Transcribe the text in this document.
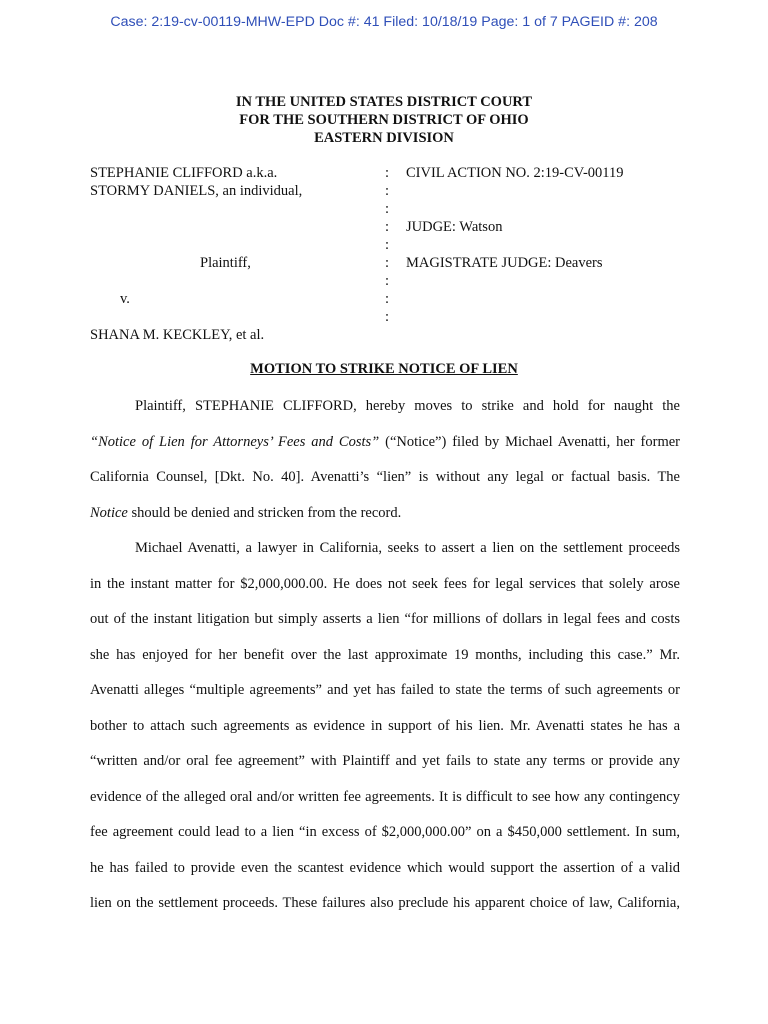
Case: 2:19-cv-00119-MHW-EPD Doc #: 41 Filed: 10/18/19 Page: 1 of 7 PAGEID #: 208
IN THE UNITED STATES DISTRICT COURT
FOR THE SOUTHERN DISTRICT OF OHIO
EASTERN DIVISION
STEPHANIE CLIFFORD a.k.a.
STORMY DANIELS, an individual,
Plaintiff,
v.
SHANA M. KECKLEY, et al.
:
:
:
:
:
:
:
:
:
CIVIL ACTION NO. 2:19-CV-00119
JUDGE: Watson
MAGISTRATE JUDGE: Deavers
MOTION TO STRIKE NOTICE OF LIEN
Plaintiff, STEPHANIE CLIFFORD, hereby moves to strike and hold for naught the
“Notice of Lien for Attorneys’ Fees and Costs” (“Notice”) filed by Michael Avenatti, her former
California Counsel, [Dkt. No. 40]. Avenatti’s “lien” is without any legal or factual basis. The
Notice should be denied and stricken from the record.
Michael Avenatti, a lawyer in California, seeks to assert a lien on the settlement proceeds
in the instant matter for $2,000,000.00. He does not seek fees for legal services that solely arose
out of the instant litigation but simply asserts a lien “for millions of dollars in legal fees and costs
she has enjoyed for her benefit over the last approximate 19 months, including this case.” Mr.
Avenatti alleges “multiple agreements” and yet has failed to state the terms of such agreements or
bother to attach such agreements as evidence in support of his lien. Mr. Avenatti states he has a
“written and/or oral fee agreement” with Plaintiff and yet fails to state any terms or provide any
evidence of the alleged oral and/or written fee agreements. It is difficult to see how any contingency
fee agreement could lead to a lien “in excess of $2,000,000.00” on a $450,000 settlement. In sum,
he has failed to provide even the scantest evidence which would support the assertion of a valid
lien on the settlement proceeds. These failures also preclude his apparent choice of law, California,
